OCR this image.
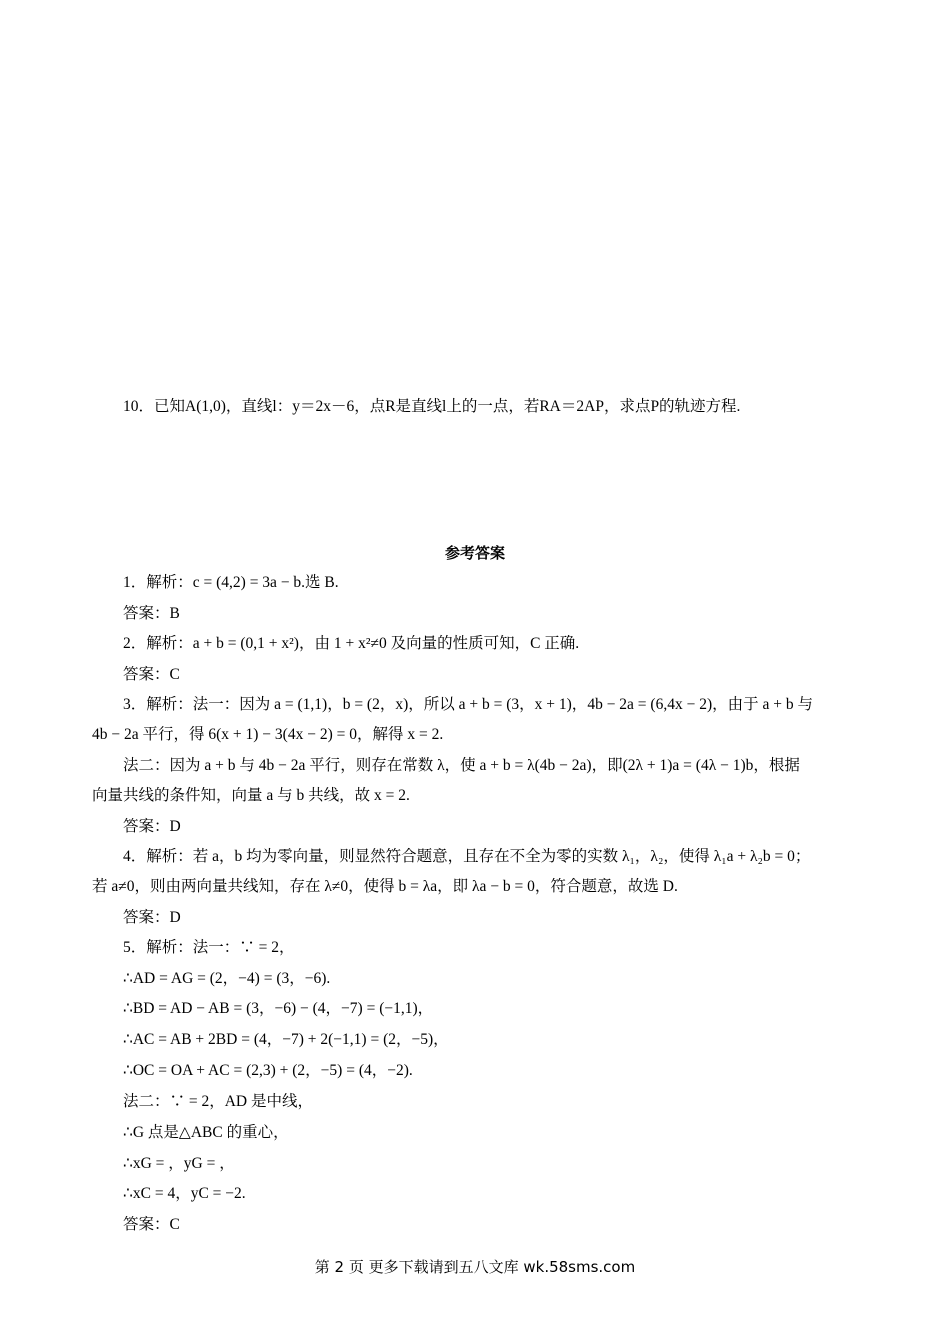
10．已知A(1,0)，直线l：y＝2x－6，点R是直线l上的一点，若RA＝2AP，求点P的轨迹方程.
参考答案
1．解析：c = (4,2) = 3a − b.选 B.
答案：B
2．解析：a + b = (0,1 + x²)，由 1 + x²≠0 及向量的性质可知，C 正确.
答案：C
3．解析：法一：因为 a = (1,1)，b = (2，x)，所以 a + b = (3，x + 1)，4b − 2a = (6,4x − 2)，由于 a + b 与
4b − 2a 平行，得 6(x + 1) − 3(4x − 2) = 0，解得 x = 2.
法二：因为 a + b 与 4b − 2a 平行，则存在常数 λ，使 a + b = λ(4b − 2a)，即(2λ + 1)a = (4λ − 1)b，根据
向量共线的条件知，向量 a 与 b 共线，故 x = 2.
答案：D
4．解析：若 a，b 均为零向量，则显然符合题意，且存在不全为零的实数 λ₁，λ₂，使得 λ₁a + λ₂b = 0；
若 a≠0，则由两向量共线知，存在 λ≠0，使得 b = λa，即 λa − b = 0，符合题意，故选 D.
答案：D
5．解析：法一：∵ = 2，
∴AD = AG = (2，−4) = (3，−6).
∴BD = AD − AB = (3，−6) − (4，−7) = (−1,1)，
∴AC = AB + 2BD = (4，−7) + 2(−1,1) = (2，−5)，
∴OC = OA + AC = (2,3) + (2，−5) = (4，−2).
法二：∵ = 2，AD 是中线，
∴G 点是△ABC 的重心，
∴xG = ，yG = ，
∴xC = 4，yC = −2.
答案：C
第 2 页 更多下载请到五八文库 wk.58sms.com
